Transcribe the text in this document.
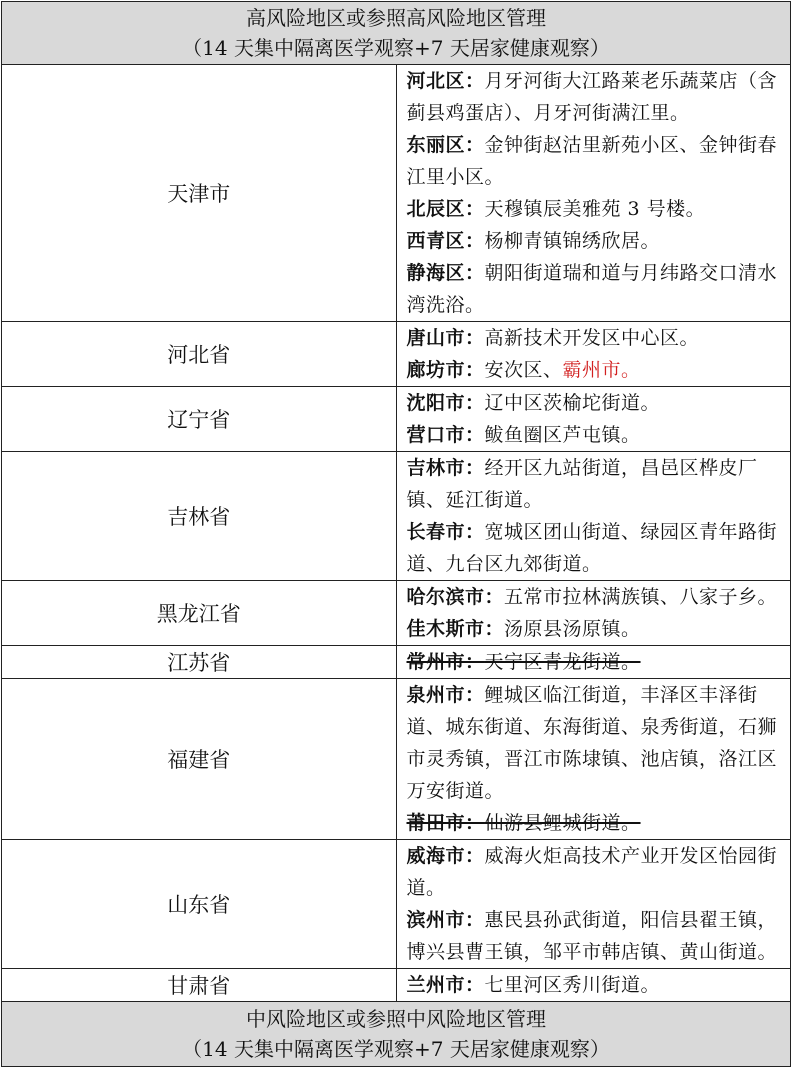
高风险地区或参照高风险地区管理
（14 天集中隔离医学观察+7 天居家健康观察）	

天津市	河北区：月牙河街大江路莱老乐蔬菜店（含蓟县鸡蛋店）、月牙河街满江里。
东丽区：金钟街赵沽里新苑小区、金钟街春江里小区。
北辰区：天穆镇辰美雅苑 3 号楼。
西青区：杨柳青镇锦绣欣居。
静海区：朝阳街道瑞和道与月纬路交口清水湾洗浴。

河北省	唐山市：高新技术开发区中心区。
廊坊市：安次区、霸州市。

辽宁省	沈阳市：辽中区茨榆坨街道。
营口市：鲅鱼圈区芦屯镇。

吉林省	吉林市：经开区九站街道，昌邑区桦皮厂镇、延江街道。
长春市：宽城区团山街道、绿园区青年路街道、九台区九郊街道。

黑龙江省	哈尔滨市：五常市拉林满族镇、八家子乡。
佳木斯市：汤原县汤原镇。

江苏省	常州市：天宁区青龙街道。

福建省	泉州市：鲤城区临江街道，丰泽区丰泽街道、城东街道、东海街道、泉秀街道，石狮市灵秀镇，晋江市陈埭镇、池店镇，洛江区万安街道。
莆田市：仙游县鲤城街道。

山东省	威海市：威海火炬高技术产业开发区怡园街道。
滨州市：惠民县孙武街道，阳信县翟王镇，博兴县曹王镇，邹平市韩店镇、黄山街道。

甘肃省	兰州市：七里河区秀川街道。

中风险地区或参照中风险地区管理
（14 天集中隔离医学观察+7 天居家健康观察）	
